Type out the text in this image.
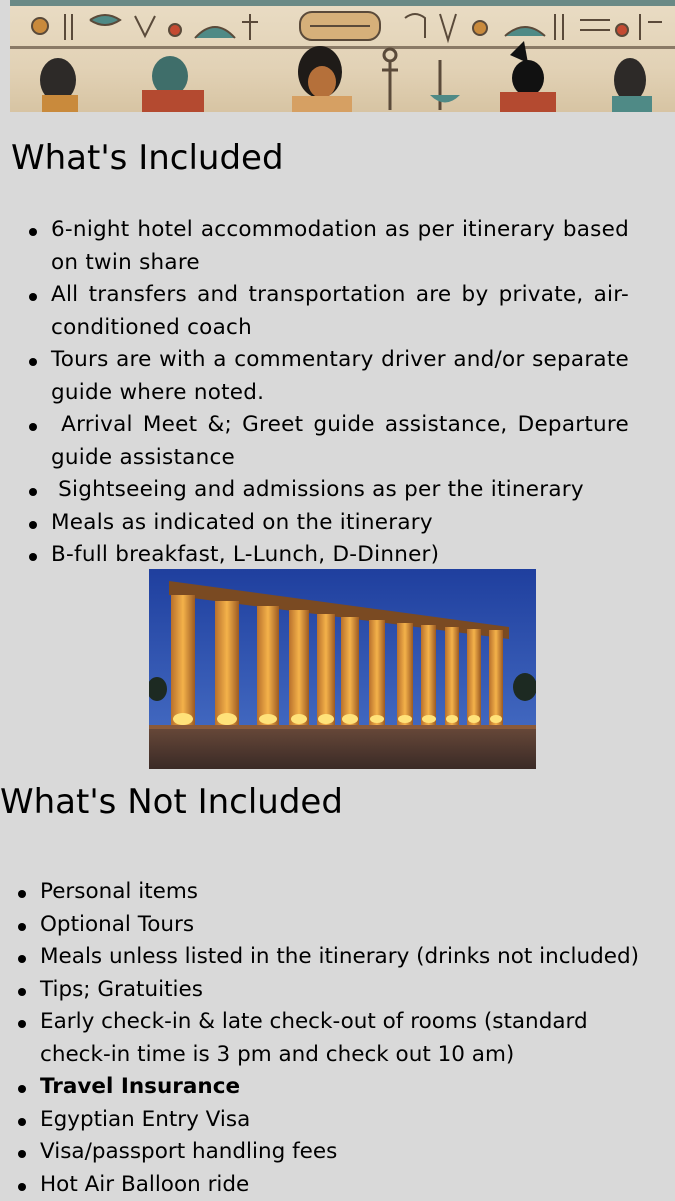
What's Included
6-night hotel accommodation as per itinerary based on twin share
All transfers and transportation are by private, air-conditioned coach
Tours are with a commentary driver and/or separate guide where noted.
Arrival Meet &; Greet guide assistance, Departure guide assistance
Sightseeing and admissions as per the itinerary
Meals as indicated on the itinerary
B-full breakfast, L-Lunch, D-Dinner)
What's Not Included
Personal items
Optional Tours
Meals unless listed in the itinerary (drinks not included)
Tips; Gratuities
Early check-in & late check-out of rooms (standard check-in time is 3 pm and check out 10 am)
Travel Insurance
Egyptian Entry Visa
Visa/passport handling fees
Hot Air Balloon ride
